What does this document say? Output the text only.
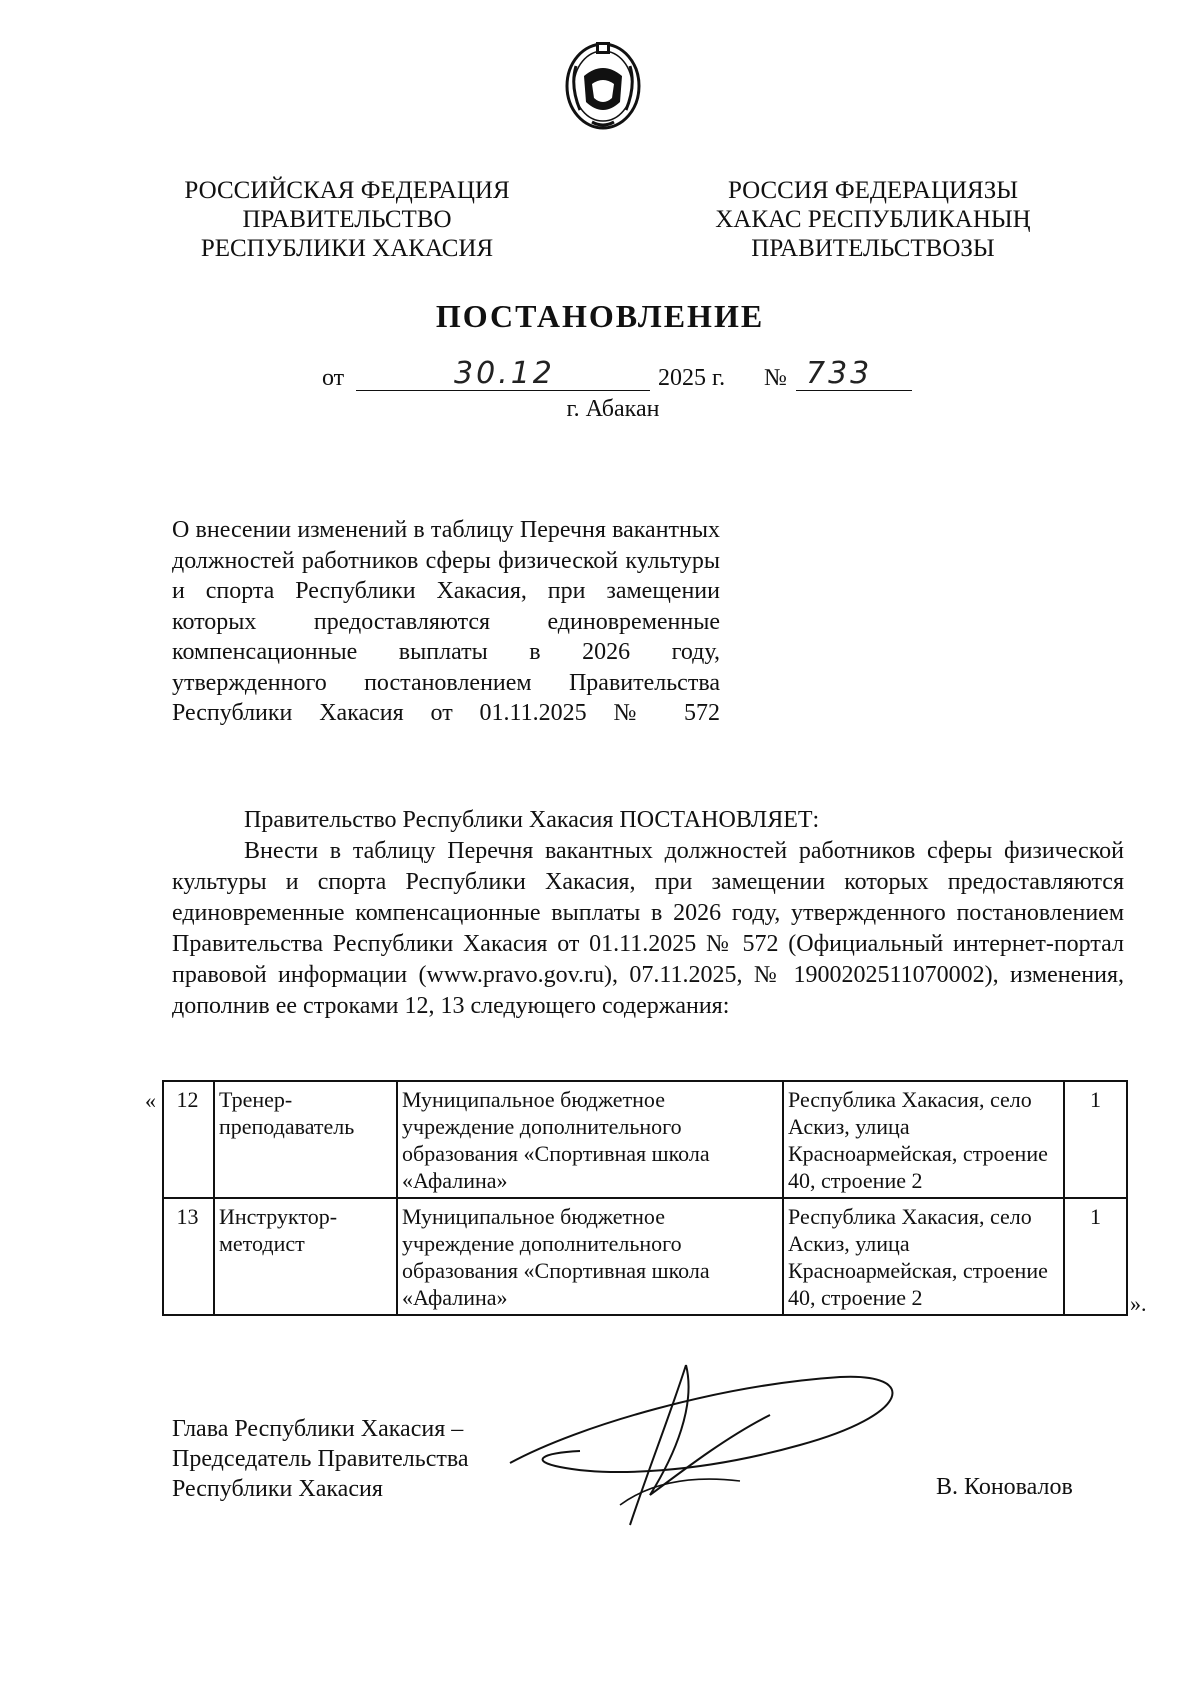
РОССИЙСКАЯ ФЕДЕРАЦИЯ
ПРАВИТЕЛЬСТВО
РЕСПУБЛИКИ ХАКАСИЯ
РОССИЯ ФЕДЕРАЦИЯЗЫ
ХАКАС РЕСПУБЛИКАНЫҢ
ПРАВИТЕЛЬСТВОЗЫ
ПОСТАНОВЛЕНИЕ
от	30.12	2025 г. № 733
г. Абакан
О внесении изменений в таблицу Перечня вакантных должностей работников сферы физической культуры и спорта Республики Хакасия, при замещении которых предоставляются единовременные компенсационные выплаты в 2026 году, утвержденного постановлением Правительства Республики Хакасия от 01.11.2025 № 572
Правительство Республики Хакасия ПОСТАНОВЛЯЕТ:
Внести в таблицу Перечня вакантных должностей работников сферы физической культуры и спорта Республики Хакасия, при замещении которых предоставляются единовременные компенсационные выплаты в 2026 году, утвержденного постановлением Правительства Республики Хакасия от 01.11.2025 № 572 (Официальный интернет-портал правовой информации (www.pravo.gov.ru), 07.11.2025, № 1900202511070002), изменения, дополнив ее строками 12, 13 следующего содержания:
« 12	Тренер-преподаватель	Муниципальное бюджетное учреждение дополнительного образования «Спортивная школа «Афалина»	Республика Хакасия, село Аскиз, улица Красноармейская, строение 40, строение 2	1
13	Инструктор-методист	Муниципальное бюджетное учреждение дополнительного образования «Спортивная школа «Афалина»	Республика Хакасия, село Аскиз, улица Красноармейская, строение 40, строение 2	1
».
Глава Республики Хакасия –
Председатель Правительства
Республики Хакасия	В. Коновалов
